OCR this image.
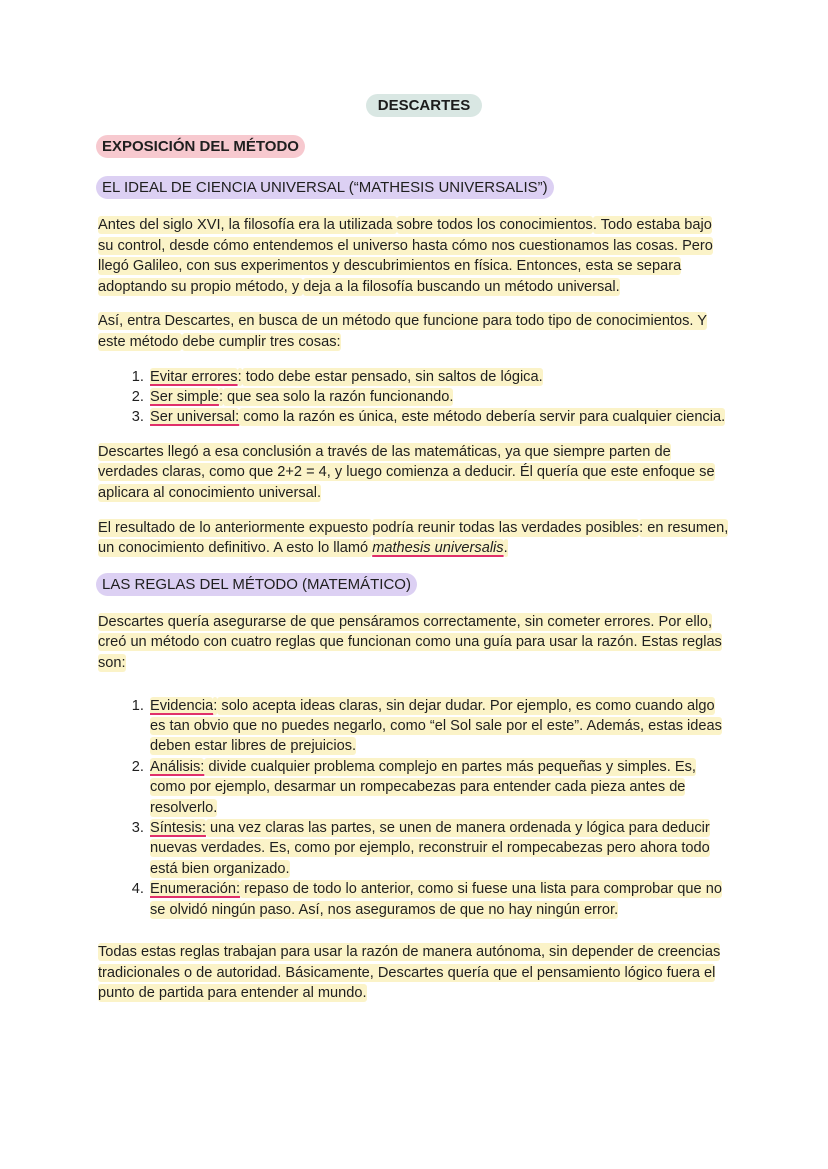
DESCARTES
EXPOSICIÓN DEL MÉTODO
EL IDEAL DE CIENCIA UNIVERSAL (“MATHESIS UNIVERSALIS”)

Antes del siglo XVI, la filosofía era la utilizada sobre todos los conocimientos. Todo estaba bajo su control, desde cómo entendemos el universo hasta cómo nos cuestionamos las cosas. Pero llegó Galileo, con sus experimentos y descubrimientos en física. Entonces, esta se separa adoptando su propio método, y deja a la filosofía buscando un método universal.

Así, entra Descartes, en busca de un método que funcione para todo tipo de conocimientos. Y este método debe cumplir tres cosas:

1. Evitar errores: todo debe estar pensado, sin saltos de lógica.
2. Ser simple: que sea solo la razón funcionando.
3. Ser universal: como la razón es única, este método debería servir para cualquier ciencia.

Descartes llegó a esa conclusión a través de las matemáticas, ya que siempre parten de verdades claras, como que 2+2 = 4, y luego comienza a deducir. Él quería que este enfoque se aplicara al conocimiento universal.

El resultado de lo anteriormente expuesto podría reunir todas las verdades posibles: en resumen, un conocimiento definitivo. A esto lo llamó mathesis universalis.

LAS REGLAS DEL MÉTODO (MATEMÁTICO)

Descartes quería asegurarse de que pensáramos correctamente, sin cometer errores. Por ello, creó un método con cuatro reglas que funcionan como una guía para usar la razón. Estas reglas son:

1. Evidencia: solo acepta ideas claras, sin dejar dudar. Por ejemplo, es como cuando algo es tan obvio que no puedes negarlo, como “el Sol sale por el este”. Además, estas ideas deben estar libres de prejuicios.
2. Análisis: divide cualquier problema complejo en partes más pequeñas y simples. Es, como por ejemplo, desarmar un rompecabezas para entender cada pieza antes de resolverlo.
3. Síntesis: una vez claras las partes, se unen de manera ordenada y lógica para deducir nuevas verdades. Es, como por ejemplo, reconstruir el rompecabezas pero ahora todo está bien organizado.
4. Enumeración: repaso de todo lo anterior, como si fuese una lista para comprobar que no se olvidó ningún paso. Así, nos aseguramos de que no hay ningún error.

Todas estas reglas trabajan para usar la razón de manera autónoma, sin depender de creencias tradicionales o de autoridad. Básicamente, Descartes quería que el pensamiento lógico fuera el punto de partida para entender al mundo.
